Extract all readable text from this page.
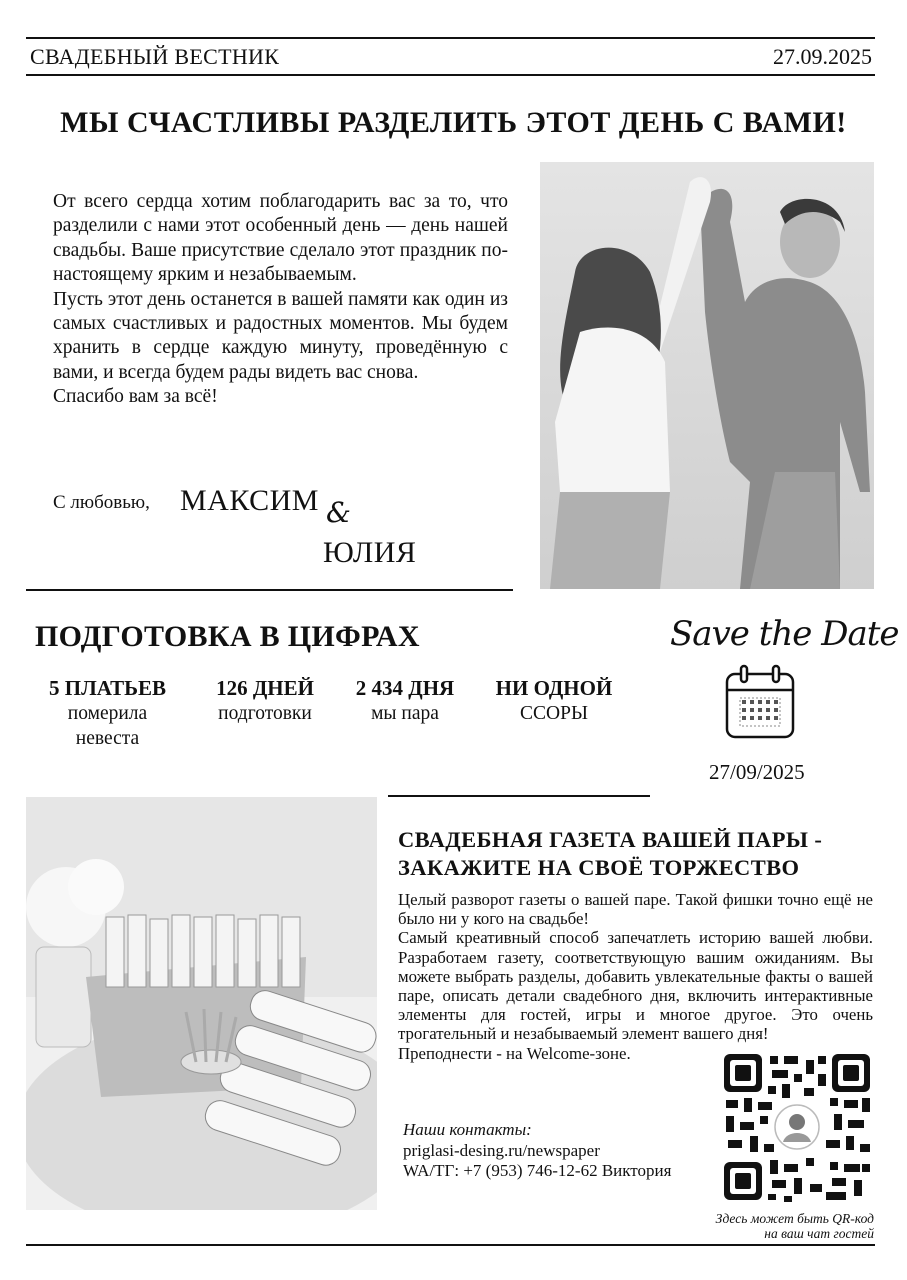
СВАДЕБНЫЙ ВЕСТНИК	27.09.2025
МЫ СЧАСТЛИВЫ РАЗДЕЛИТЬ ЭТОТ ДЕНЬ С ВАМИ!

От всего сердца хотим поблагодарить вас за то, что разделили с нами этот особенный день — день нашей свадьбы. Ваше присутствие сделало этот праздник по-настоящему ярким и незабываемым.

Пусть этот день останется в вашей памяти как один из самых счастливых и радостных моментов. Мы будем хранить в сердце каждую минуту, проведённую с вами, и всегда будем рады видеть вас снова.

Спасибо вам за всё!

С любовью, МАКСИМ &
ЮЛИЯ
ПОДГОТОВКА В ЦИФРАХ
5 ПЛАТЬЕВ
померила невеста
126 ДНЕЙ
подготовки
2 434 ДНЯ
мы пара
НИ ОДНОЙ
ССОРЫ
Save the Date
27/09/2025
СВАДЕБНАЯ ГАЗЕТА ВАШЕЙ ПАРЫ - ЗАКАЖИТЕ НА СВОЁ ТОРЖЕСТВО

Целый разворот газеты о вашей паре. Такой фишки точно ещё не было ни у кого на свадьбе!

Самый креативный способ запечатлеть историю вашей любви. Разработаем газету, соответствующую вашим ожиданиям. Вы можете выбрать разделы, добавить увлекательные факты о вашей паре, описать детали свадебного дня, включить интерактивные элементы для гостей, игры и многое другое. Это очень трогательный и незабываемый элемент вашего дня!

Преподнести - на Welcome-зоне.

Наши контакты:
priglasi-desing.ru/newspaper
WA/ТГ: +7 (953) 746-12-62 Виктория
Здесь может быть QR-код
на ваш чат гостей
